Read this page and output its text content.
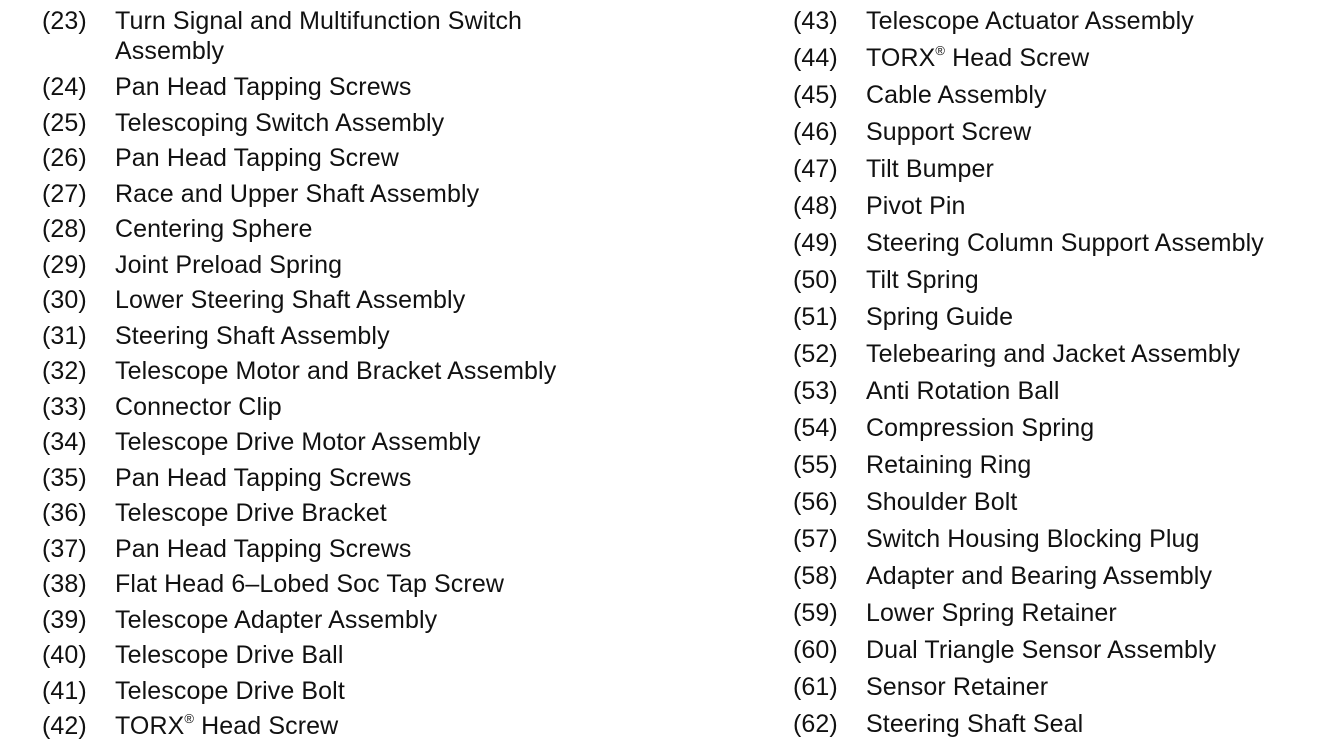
(23) Turn Signal and Multifunction Switch Assembly
(24) Pan Head Tapping Screws
(25) Telescoping Switch Assembly
(26) Pan Head Tapping Screw
(27) Race and Upper Shaft Assembly
(28) Centering Sphere
(29) Joint Preload Spring
(30) Lower Steering Shaft Assembly
(31) Steering Shaft Assembly
(32) Telescope Motor and Bracket Assembly
(33) Connector Clip
(34) Telescope Drive Motor Assembly
(35) Pan Head Tapping Screws
(36) Telescope Drive Bracket
(37) Pan Head Tapping Screws
(38) Flat Head 6–Lobed Soc Tap Screw
(39) Telescope Adapter Assembly
(40) Telescope Drive Ball
(41) Telescope Drive Bolt
(42) TORX® Head Screw
(43) Telescope Actuator Assembly
(44) TORX® Head Screw
(45) Cable Assembly
(46) Support Screw
(47) Tilt Bumper
(48) Pivot Pin
(49) Steering Column Support Assembly
(50) Tilt Spring
(51) Spring Guide
(52) Telebearing and Jacket Assembly
(53) Anti Rotation Ball
(54) Compression Spring
(55) Retaining Ring
(56) Shoulder Bolt
(57) Switch Housing Blocking Plug
(58) Adapter and Bearing Assembly
(59) Lower Spring Retainer
(60) Dual Triangle Sensor Assembly
(61) Sensor Retainer
(62) Steering Shaft Seal
